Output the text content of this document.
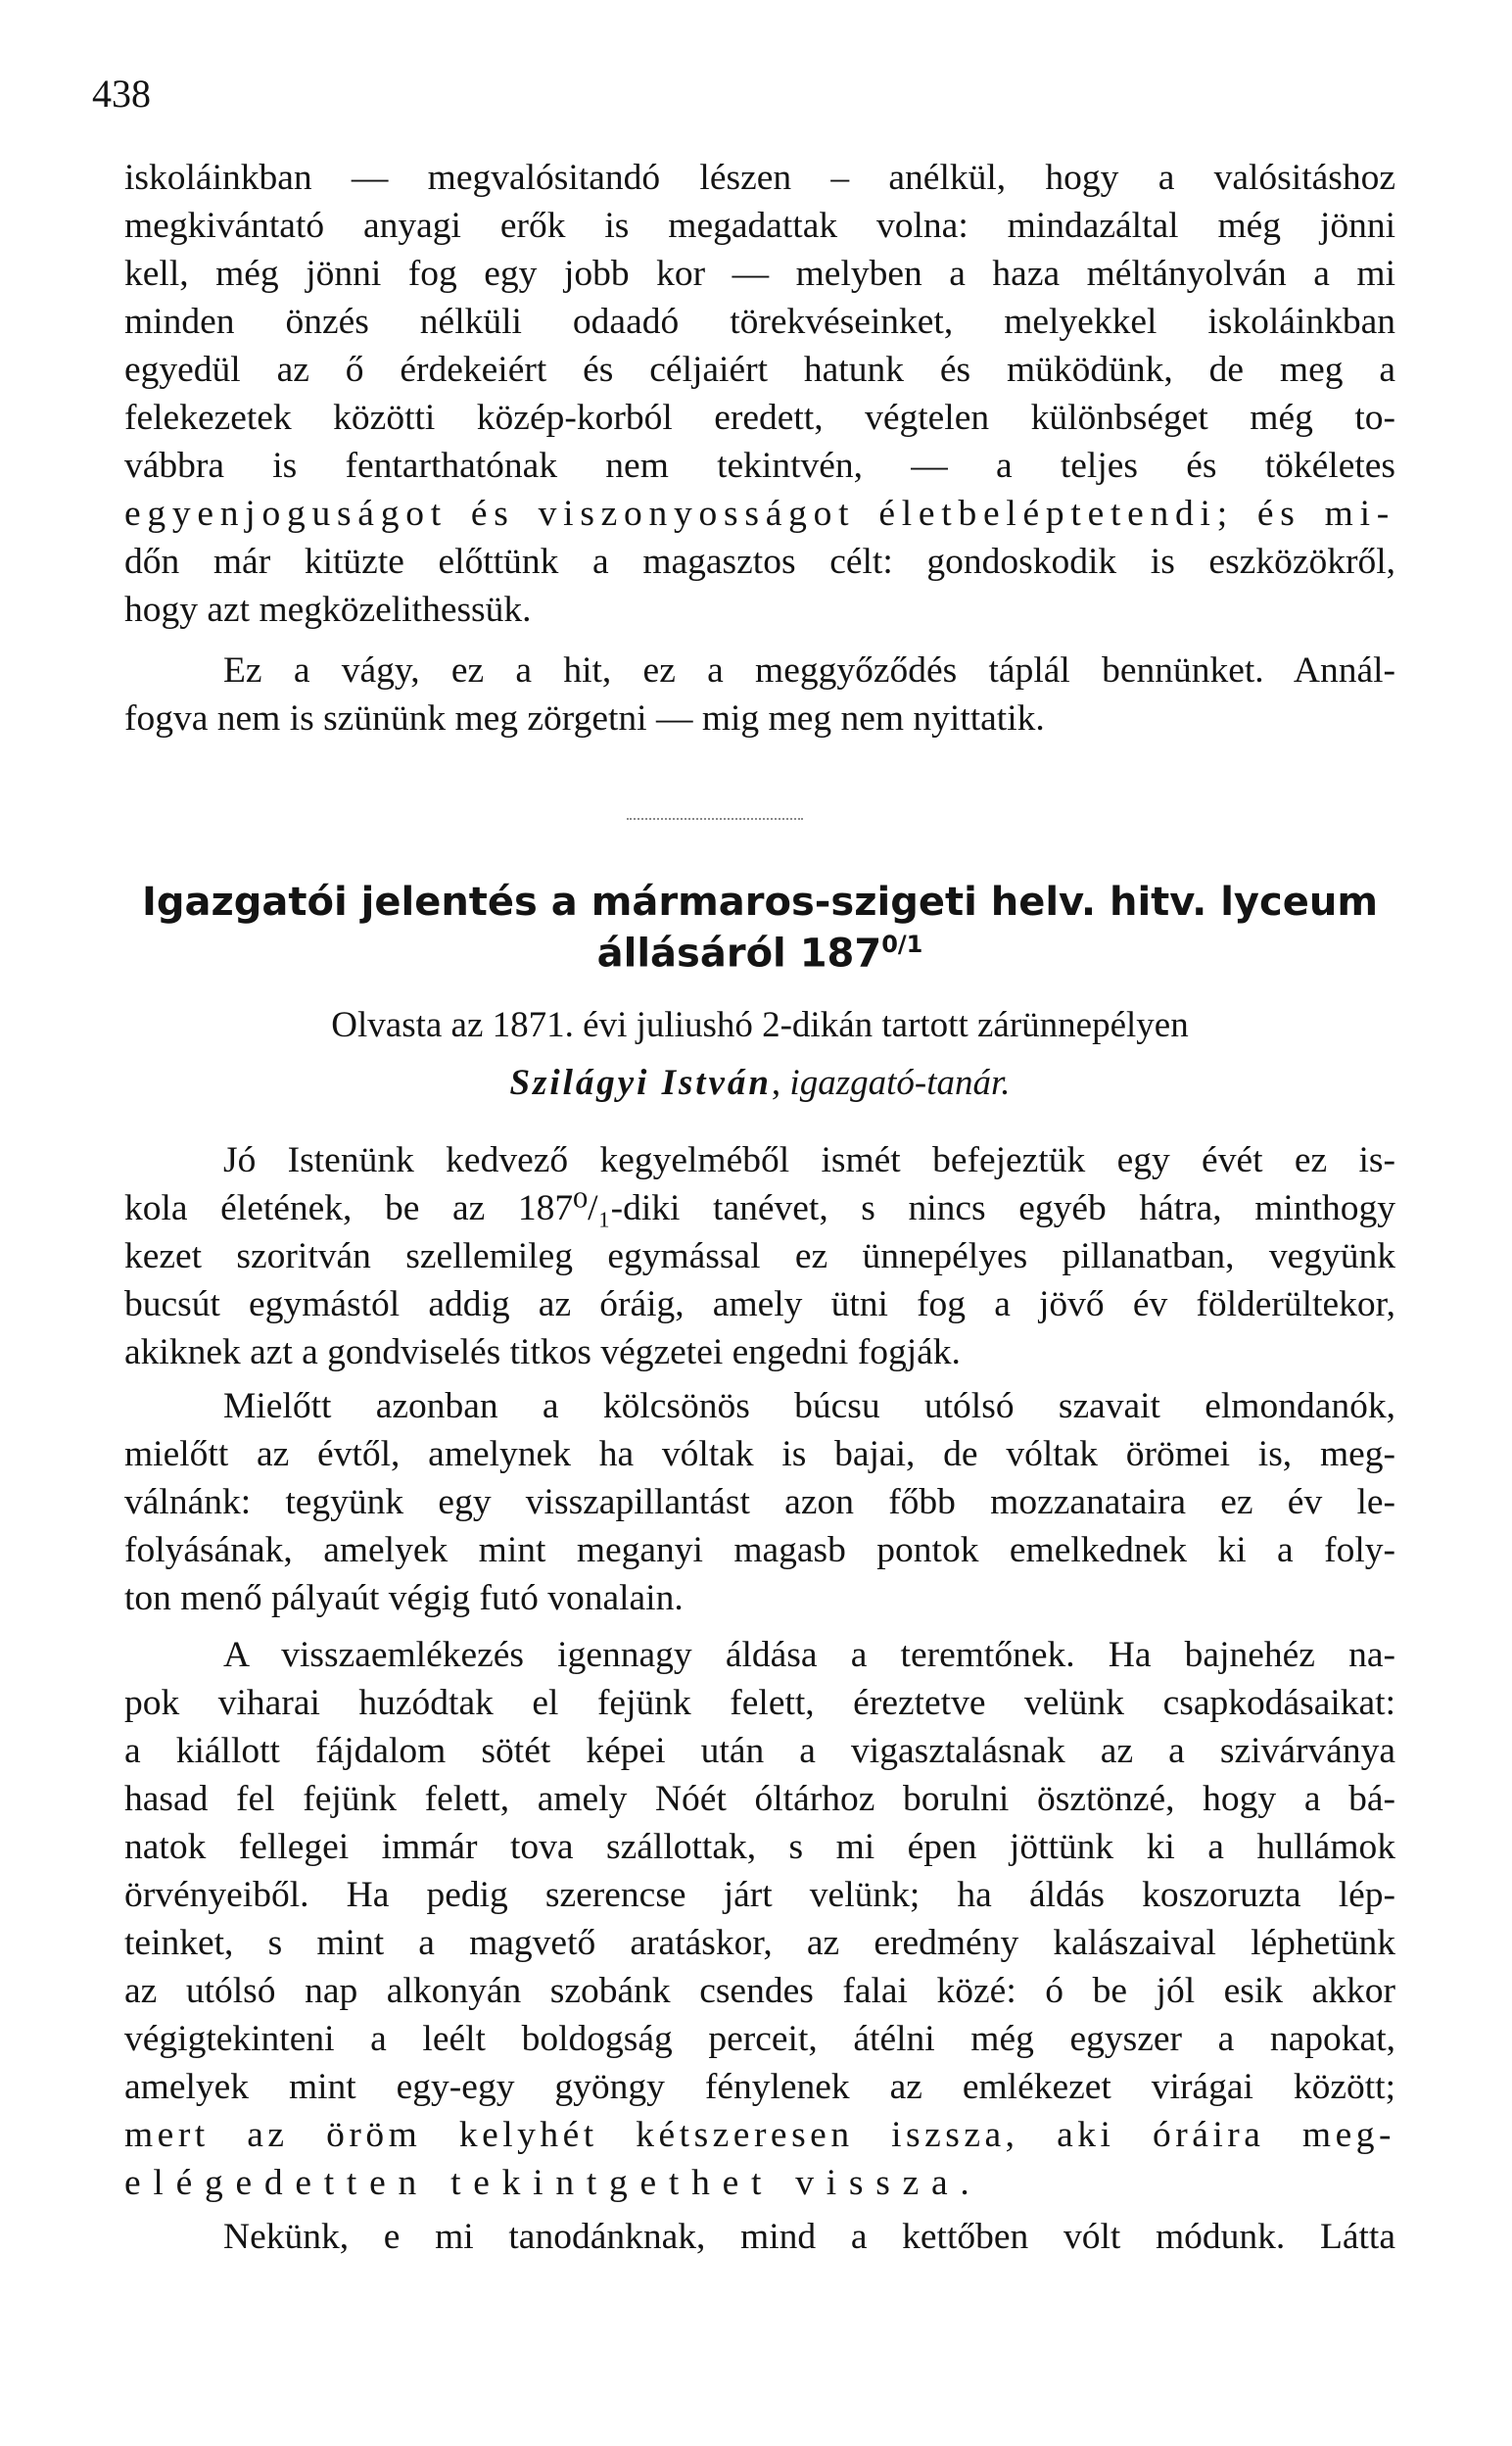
438
iskoláinkban — megvalósitandó lészen – anélkül, hogy a valósitáshoz
megkivántató anyagi erők is megadattak volna: mindazáltal még jönni
kell, még jönni fog egy jobb kor — melyben a haza méltányolván a mi
minden önzés nélküli odaadó törekvéseinket, melyekkel iskoláinkban
egyedül az ő érdekeiért és céljaiért hatunk és müködünk, de meg a
felekezetek közötti közép-korból eredett, végtelen különbséget még to-
vábbra is fentarthatónak nem tekintvén, — a teljes és tökéletes
egyenjoguságot és viszonyosságot életbeléptetendi; és mi-
dőn már kitüzte előttünk a magasztos célt: gondoskodik is eszközökről,
hogy azt megközelithessük.
Ez a vágy, ez a hit, ez a meggyőződés táplál bennünket. Annál-
fogva nem is szününk meg zörgetni — mig meg nem nyittatik.
Igazgatói jelentés a mármaros-szigeti helv. hitv. lyceum
állásáról $187^{0/1}$
Olvasta az 1871. évi juliushó 2-dikán tartott zárünnepélyen
Szilágyi István, igazgató-tanár.
Jó Istenünk kedvező kegyelméből ismét befejeztük egy évét ez is-
kola életének, be az 187⁰/₁-diki tanévet, s nincs egyéb hátra, minthogy
kezet szoritván szellemileg egymással ez ünnepélyes pillanatban, vegyünk
bucsút egymástól addig az óráig, amely ütni fog a jövő év földerültekor,
akiknek azt a gondviselés titkos végzetei engedni fogják.
Mielőtt azonban a kölcsönös búcsu utólsó szavait elmondanók,
mielőtt az évtől, amelynek ha vóltak is bajai, de vóltak örömei is, meg-
válnánk: tegyünk egy visszapillantást azon főbb mozzanataira ez év le-
folyásának, amelyek mint meganyi magasb pontok emelkednek ki a foly-
ton menő pályaút végig futó vonalain.
A visszaemlékezés igennagy áldása a teremtőnek. Ha bajnehéz na-
pok viharai huzódtak el fejünk felett, éreztetve velünk csapkodásaikat:
a kiállott fájdalom sötét képei után a vigasztalásnak az a szivárványa
hasad fel fejünk felett, amely Nóét óltárhoz borulni ösztönzé, hogy a bá-
natok fellegei immár tova szállottak, s mi épen jöttünk ki a hullámok
örvényeiből. Ha pedig szerencse járt velünk; ha áldás koszoruzta lép-
teinket, s mint a magvető aratáskor, az eredmény kalászaival léphetünk
az utólsó nap alkonyán szobánk csendes falai közé: ó be jól esik akkor
végigtekinteni a leélt boldogság perceit, átélni még egyszer a napokat,
amelyek mint egy-egy gyöngy fénylenek az emlékezet virágai között;
mert az öröm kelyhét kétszeresen iszsza, aki óráira meg-
elégedetten tekintgethet vissza.
Nekünk, e mi tanodánknak, mind a kettőben vólt módunk. Látta
